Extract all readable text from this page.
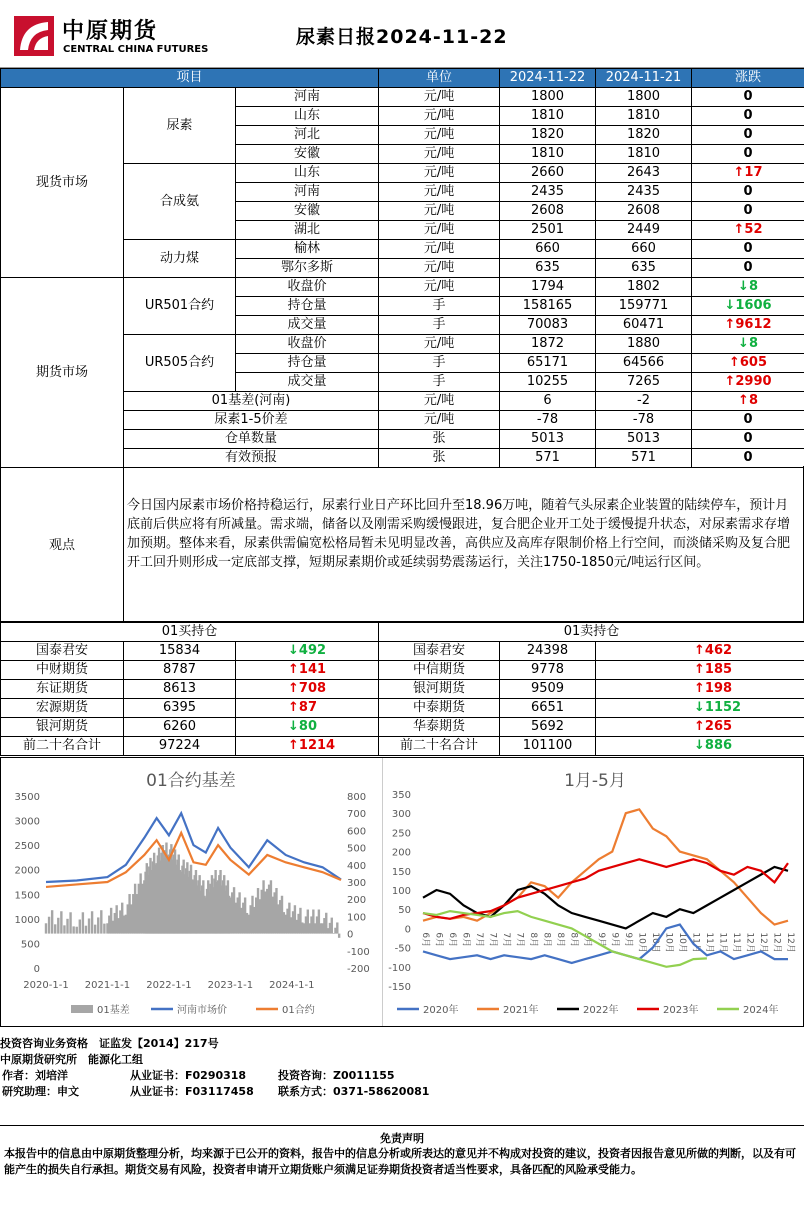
中原期货
CENTRAL CHINA FUTURES
尿素日报2024-11-22
项目			单位	2024-11-22	2024-11-21	涨跌
现货市场	尿素	河南	元/吨	1800	1800	0
		山东	元/吨	1810	1810	0
		河北	元/吨	1820	1820	0
		安徽	元/吨	1810	1810	0
	合成氨	山东	元/吨	2660	2643	↑17
		河南	元/吨	2435	2435	0
		安徽	元/吨	2608	2608	0
		湖北	元/吨	2501	2449	↑52
	动力煤	榆林	元/吨	660	660	0
		鄂尔多斯	元/吨	635	635	0
期货市场	UR501合约	收盘价	元/吨	1794	1802	↓8
		持仓量	手	158165	159771	↓1606
		成交量	手	70083	60471	↑9612
	UR505合约	收盘价	元/吨	1872	1880	↓8
		持仓量	手	65171	64566	↑605
		成交量	手	10255	7265	↑2990
	01基差(河南)		元/吨	6	-2	↑8
	尿素1-5价差		元/吨	-78	-78	0
	仓单数量		张	5013	5013	0
	有效预报		张	571	571	0
观点
今日国内尿素市场价格持稳运行，尿素行业日产环比回升至18.96万吨，随着气头尿素企业装置的陆续停车，预计月底前后供应将有所减量。需求端，储备以及刚需采购缓慢跟进，复合肥企业开工处于缓慢提升状态，对尿素需求存增加预期。整体来看，尿素供需偏宽松格局暂未见明显改善，高供应及高库存限制价格上行空间，而淡储采购及复合肥开工回升则形成一定底部支撑，短期尿素期价或延续弱势震荡运行，关注1750-1850元/吨运行区间。
01买持仓			01卖持仓		
国泰君安	15834	↓492	国泰君安	24398	↑462
中财期货	8787	↑141	中信期货	9778	↑185
东证期货	8613	↑708	银河期货	9509	↑198
宏源期货	6395	↑87	中泰期货	6651	↓1152
银河期货	6260	↓80	华泰期货	5692	↑265
前二十名合计	97224	↑1214	前二十名合计	101100	↓886
01合约基差
0
500
1000
1500
2000
2500
3000
3500
-200
-100
0
100
200
300
400
500
600
700
800
2020-1-1 2021-1-1 2022-1-1 2023-1-1 2024-1-1
01基差	河南市场价	01合约
1月-5月
350
300
250
200
150
100
50
0
-50
-100
-150
6月 6月 6月 6月 7月 7月 7月 7月 8月 8月 8月 8月 9月 9月 9月 9月 10月 10月 10月 10月 11月 11月 11月 11月 12月 12月 12月 12月
2020年	2021年	2022年	2023年	2024年
投资咨询业务资格　证监发【2014】217号
中原期货研究所　能源化工组
作者：刘培洋	从业证书：F0290318	投资咨询：Z0011155
研究助理：申文	从业证书：F03117458 联系方式：0371-58620081
免责声明
本报告中的信息由中原期货整理分析，均来源于已公开的资料，报告中的信息分析或所表达的意见并不构成对投资的建议，投资者因报告意见所做的判断，以及有可能产生的损失自行承担。期货交易有风险，投资者申请开立期货账户须满足证券期货投资者适当性要求，具备匹配的风险承受能力。
